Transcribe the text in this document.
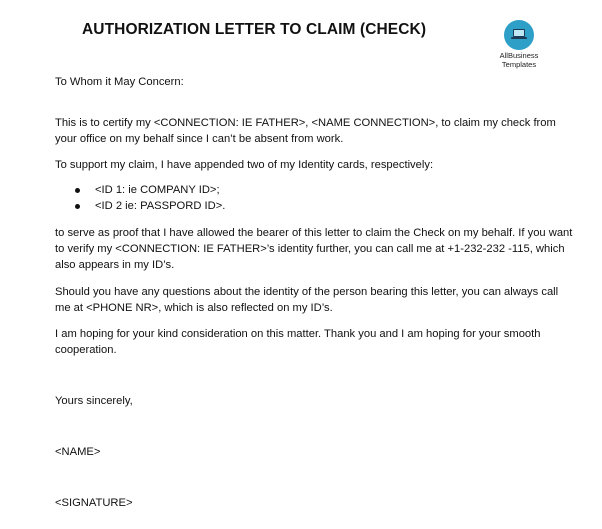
AUTHORIZATION LETTER TO CLAIM (CHECK)
AllBusiness
Templates

To Whom it May Concern:

This is to certify my <CONNECTION: IE FATHER>, <NAME CONNECTION>, to claim my check from your office on my behalf since I can’t be absent from work.

To support my claim, I have appended two of my Identity cards, respectively:

<ID 1: ie COMPANY ID>;
<ID 2 ie: PASSPORD ID>.

to serve as proof that I have allowed the bearer of this letter to claim the Check on my behalf. If you want to verify my <CONNECTION: IE FATHER>’s identity further, you can call me at +1-232-232 -115, which also appears in my ID’s.

Should you have any questions about the identity of the person bearing this letter, you can always call me at <PHONE NR>, which is also reflected on my ID’s.

I am hoping for your kind consideration on this matter. Thank you and I am hoping for your smooth cooperation.

Yours sincerely,

<NAME>

<SIGNATURE>
